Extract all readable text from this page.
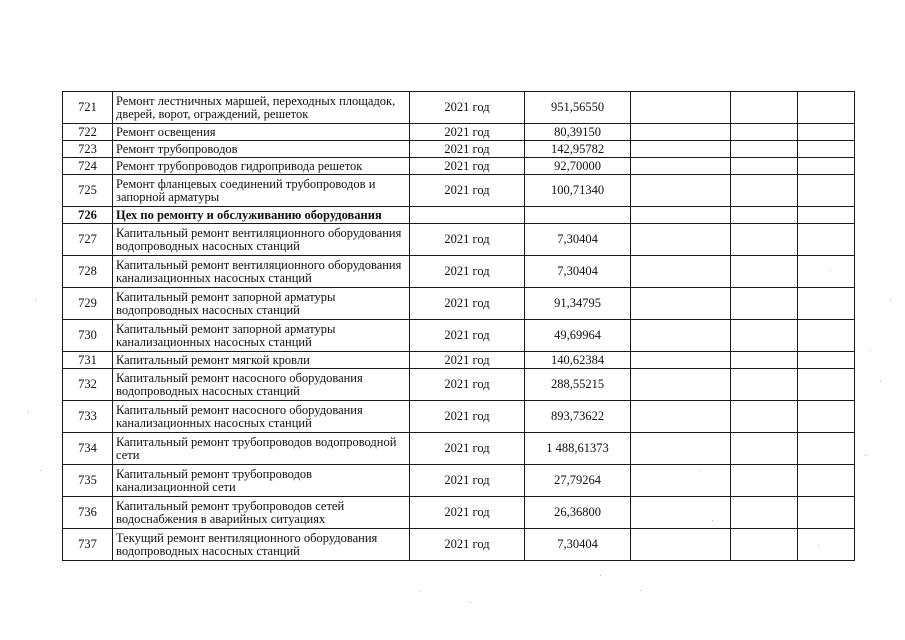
721	Ремонт лестничных маршей, переходных площадок, дверей, ворот, ограждений, решеток	2021 год	951,56550			
722	Ремонт освещения	2021 год	80,39150			
723	Ремонт трубопроводов	2021 год	142,95782			
724	Ремонт трубопроводов гидропривода решеток	2021 год	92,70000			
725	Ремонт фланцевых соединений трубопроводов и запорной арматуры	2021 год	100,71340			
726	Цех по ремонту и обслуживанию оборудования					
727	Капитальный ремонт вентиляционного оборудования водопроводных насосных станций	2021 год	7,30404			
728	Капитальный ремонт вентиляционного оборудования канализационных насосных станций	2021 год	7,30404			
729	Капитальный ремонт запорной арматуры водопроводных насосных станций	2021 год	91,34795			
730	Капитальный ремонт запорной арматуры канализационных насосных станций	2021 год	49,69964			
731	Капитальный ремонт мягкой кровли	2021 год	140,62384			
732	Капитальный ремонт насосного оборудования водопроводных насосных станций	2021 год	288,55215			
733	Капитальный ремонт насосного оборудования канализационных насосных станций	2021 год	893,73622			
734	Капитальный ремонт трубопроводов водопроводной сети	2021 год	1 488,61373			
735	Капитальный ремонт трубопроводов канализационной сети	2021 год	27,79264			
736	Капитальный ремонт трубопроводов сетей водоснабжения в аварийных ситуациях	2021 год	26,36800			
737	Текущий ремонт вентиляционного оборудования водопроводных насосных станций	2021 год	7,30404			
